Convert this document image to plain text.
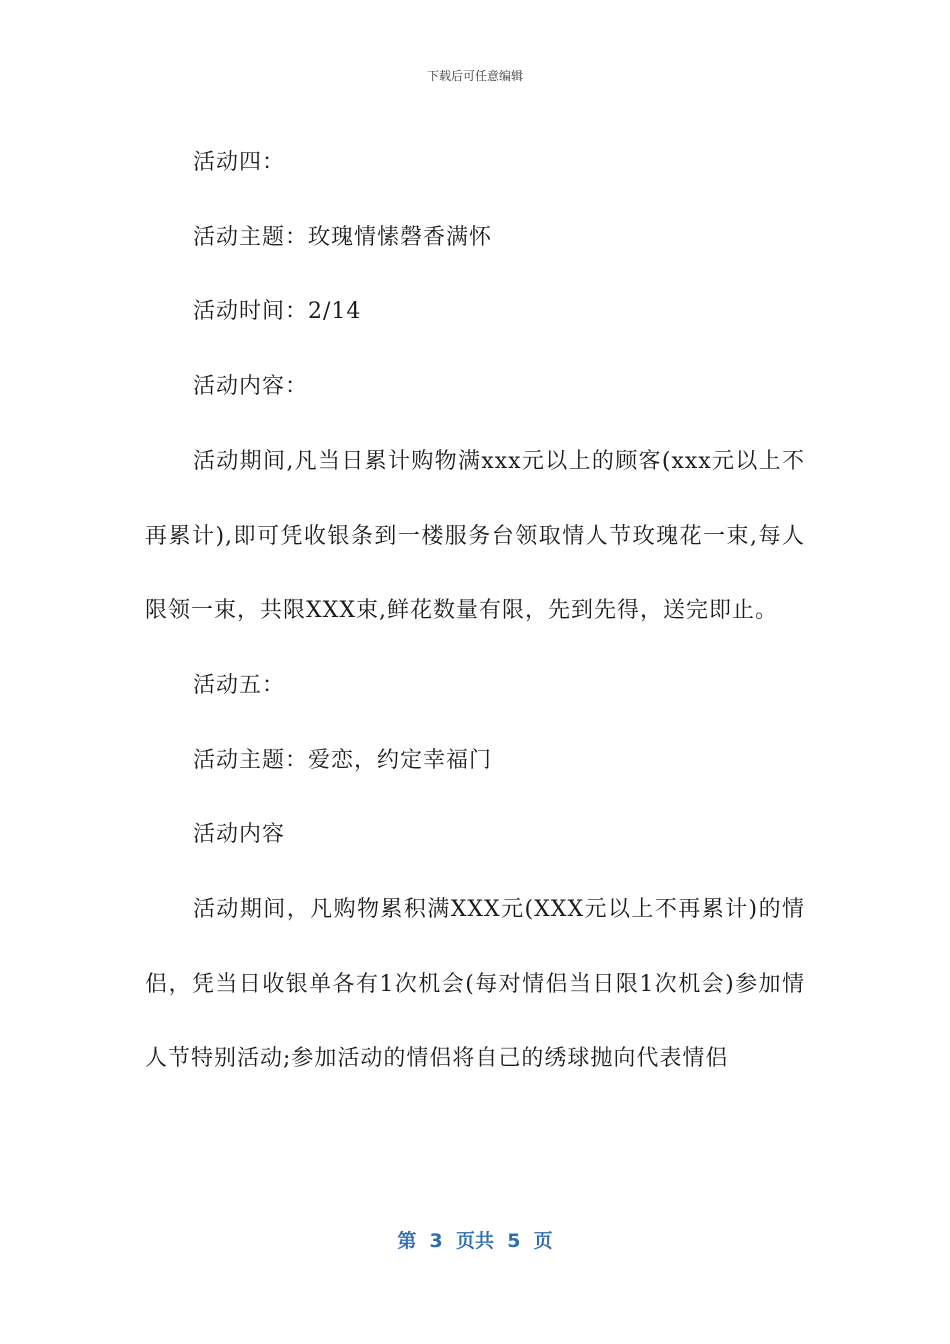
下载后可任意编辑

活动四：

活动主题：玫瑰情愫磬香满怀

活动时间：2/14

活动内容：

活动期间,凡当日累计购物满xxx元以上的顾客(xxx元以上不再累计),即可凭收银条到一楼服务台领取情人节玫瑰花一束,每人限领一束，共限XXX束,鲜花数量有限，先到先得，送完即止。

活动五：

活动主题：爱恋，约定幸福门

活动内容

活动期间，凡购物累积满XXX元(XXX元以上不再累计)的情侣，凭当日收银单各有1次机会(每对情侣当日限1次机会)参加情人节特别活动;参加活动的情侣将自己的绣球抛向代表情侣

第  3  页共  5  页
